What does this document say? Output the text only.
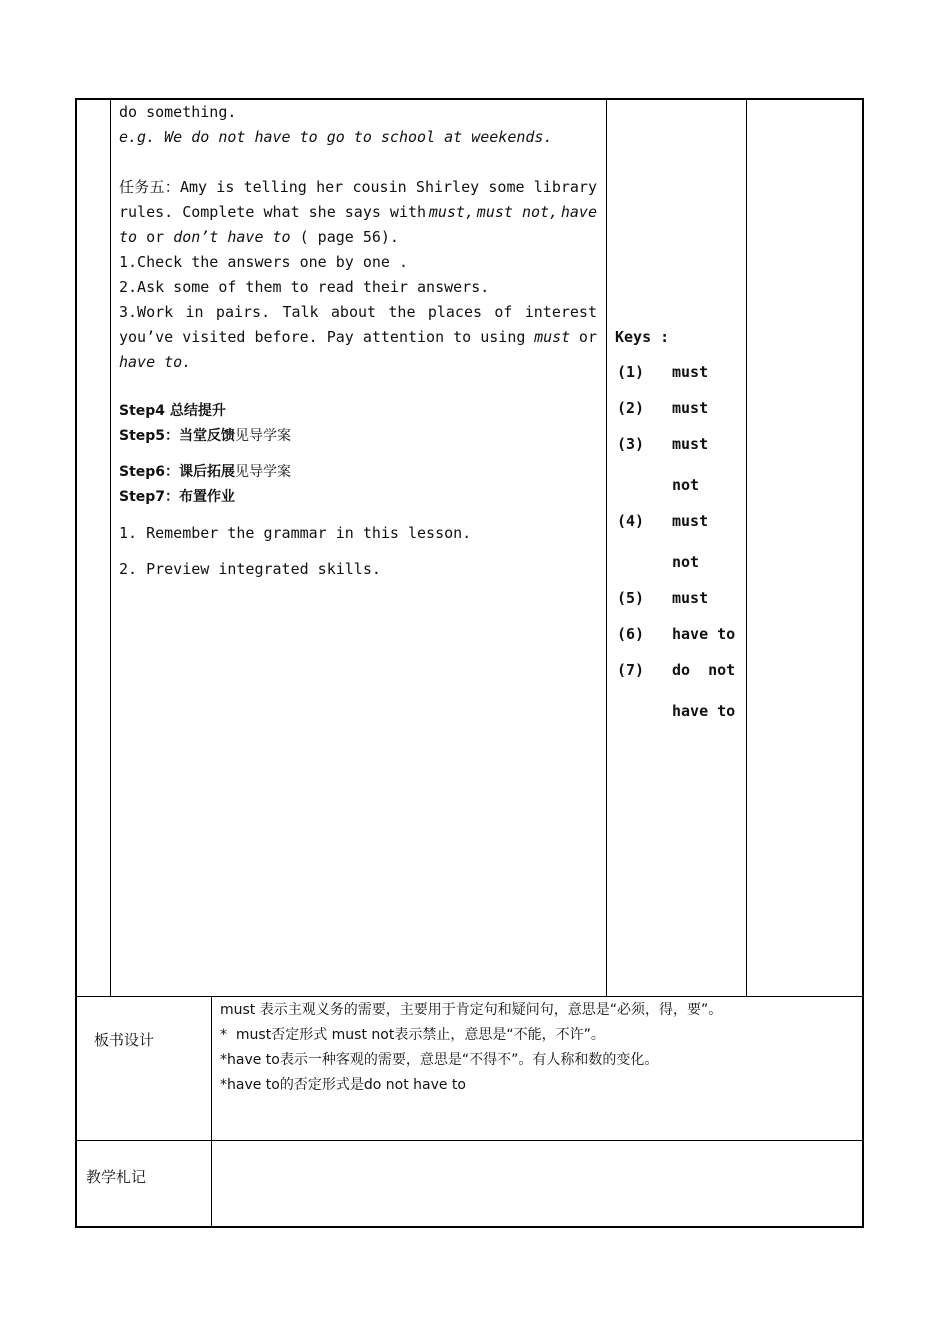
do something.
e.g. We do not have to go to school at weekends.
任务五：Amy is telling her cousin Shirley some library
rules. Complete what she says with must, must not, have
to or don’t have to ( page 56).
1.Check the answers one by one .
2.Ask some of them to read their answers.
3.Work in pairs. Talk about the places of interest
you’ve visited before. Pay attention to using must or
have to.
Step4 总结提升
Step5：当堂反馈见导学案
Step6：课后拓展见导学案
Step7：布置作业
1. Remember the grammar in this lesson.
2. Preview integrated skills.
Keys :
(1) must
(2) must
(3) must
not
(4) must
not
(5) must
(6) have to
(7) do  not
have to
板书设计
must 表示主观义务的需要，主要用于肯定句和疑问句，意思是“必须，得，要”。
*  must否定形式 must not表示禁止，意思是“不能，不许”。
*have to表示一种客观的需要，意思是“不得不”。有人称和数的变化。
*have to的否定形式是do not have to
教学札记
